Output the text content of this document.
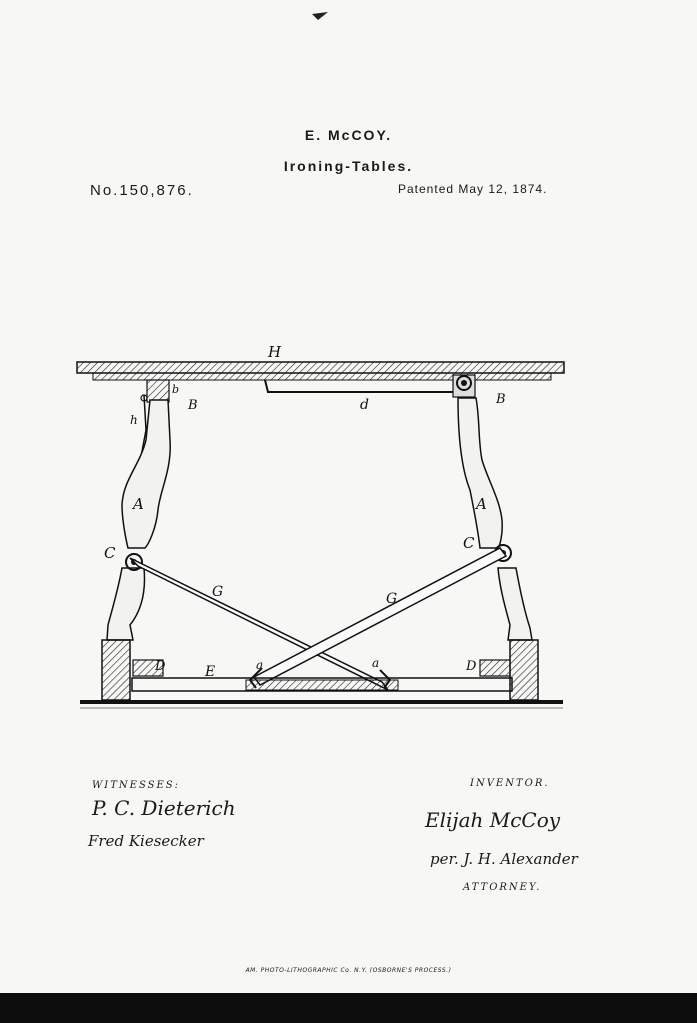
E. McCOY.
Ironing-Tables.
No.150,876.	Patented May 12, 1874.
H
b
B	B
h
d
A	A
C
C
G	G
D	D
E	a	a
WITNESSES:
P. C. Dieterich
Fred Kiesecker
INVENTOR.
Elijah McCoy
per. J. H. Alexander
ATTORNEY.
AM. PHOTO-LITHOGRAPHIC Co. N.Y. (OSBORNE'S PROCESS.)
